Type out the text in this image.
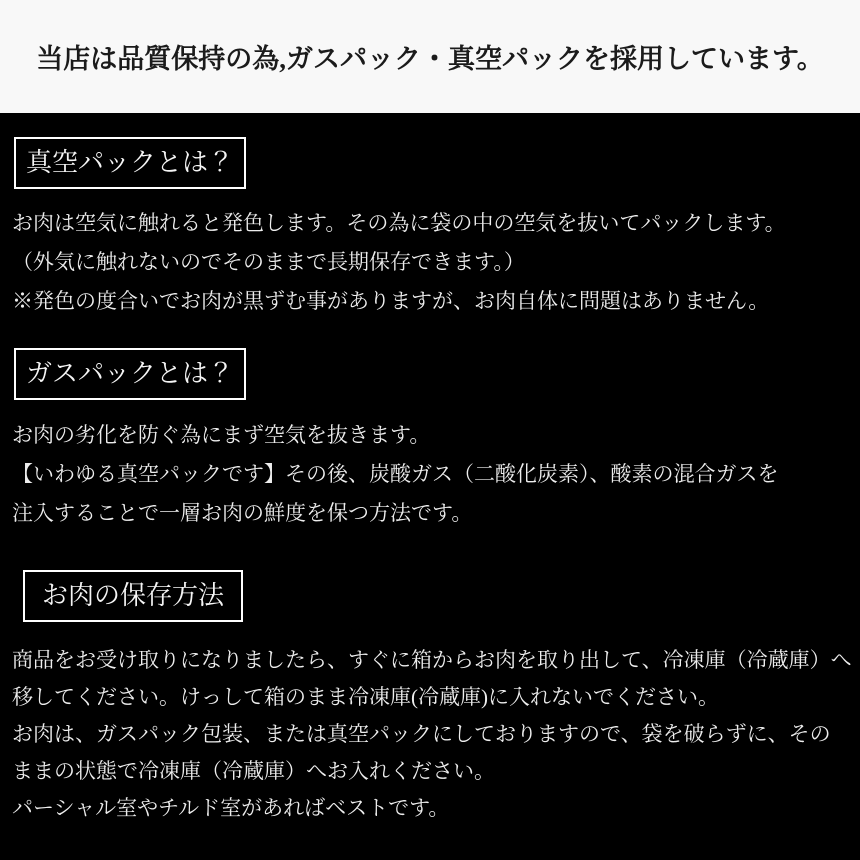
当店は品質保持の為,ガスパック・真空パックを採用しています。
真空パックとは？
お肉は空気に触れると発色します。その為に袋の中の空気を抜いてパックします。
（外気に触れないのでそのままで長期保存できます。）
※発色の度合いでお肉が黒ずむ事がありますが、お肉自体に問題はありません。
ガスパックとは？
お肉の劣化を防ぐ為にまず空気を抜きます。
【いわゆる真空パックです】その後、炭酸ガス（二酸化炭素）、酸素の混合ガスを
注入することで一層お肉の鮮度を保つ方法です。
お肉の保存方法
商品をお受け取りになりましたら、すぐに箱からお肉を取り出して、冷凍庫（冷蔵庫）へ
移してください。けっして箱のまま冷凍庫(冷蔵庫)に入れないでください。
お肉は、ガスパック包装、または真空パックにしておりますので、袋を破らずに、その
ままの状態で冷凍庫（冷蔵庫）へお入れください。
パーシャル室やチルド室があればベストです。
